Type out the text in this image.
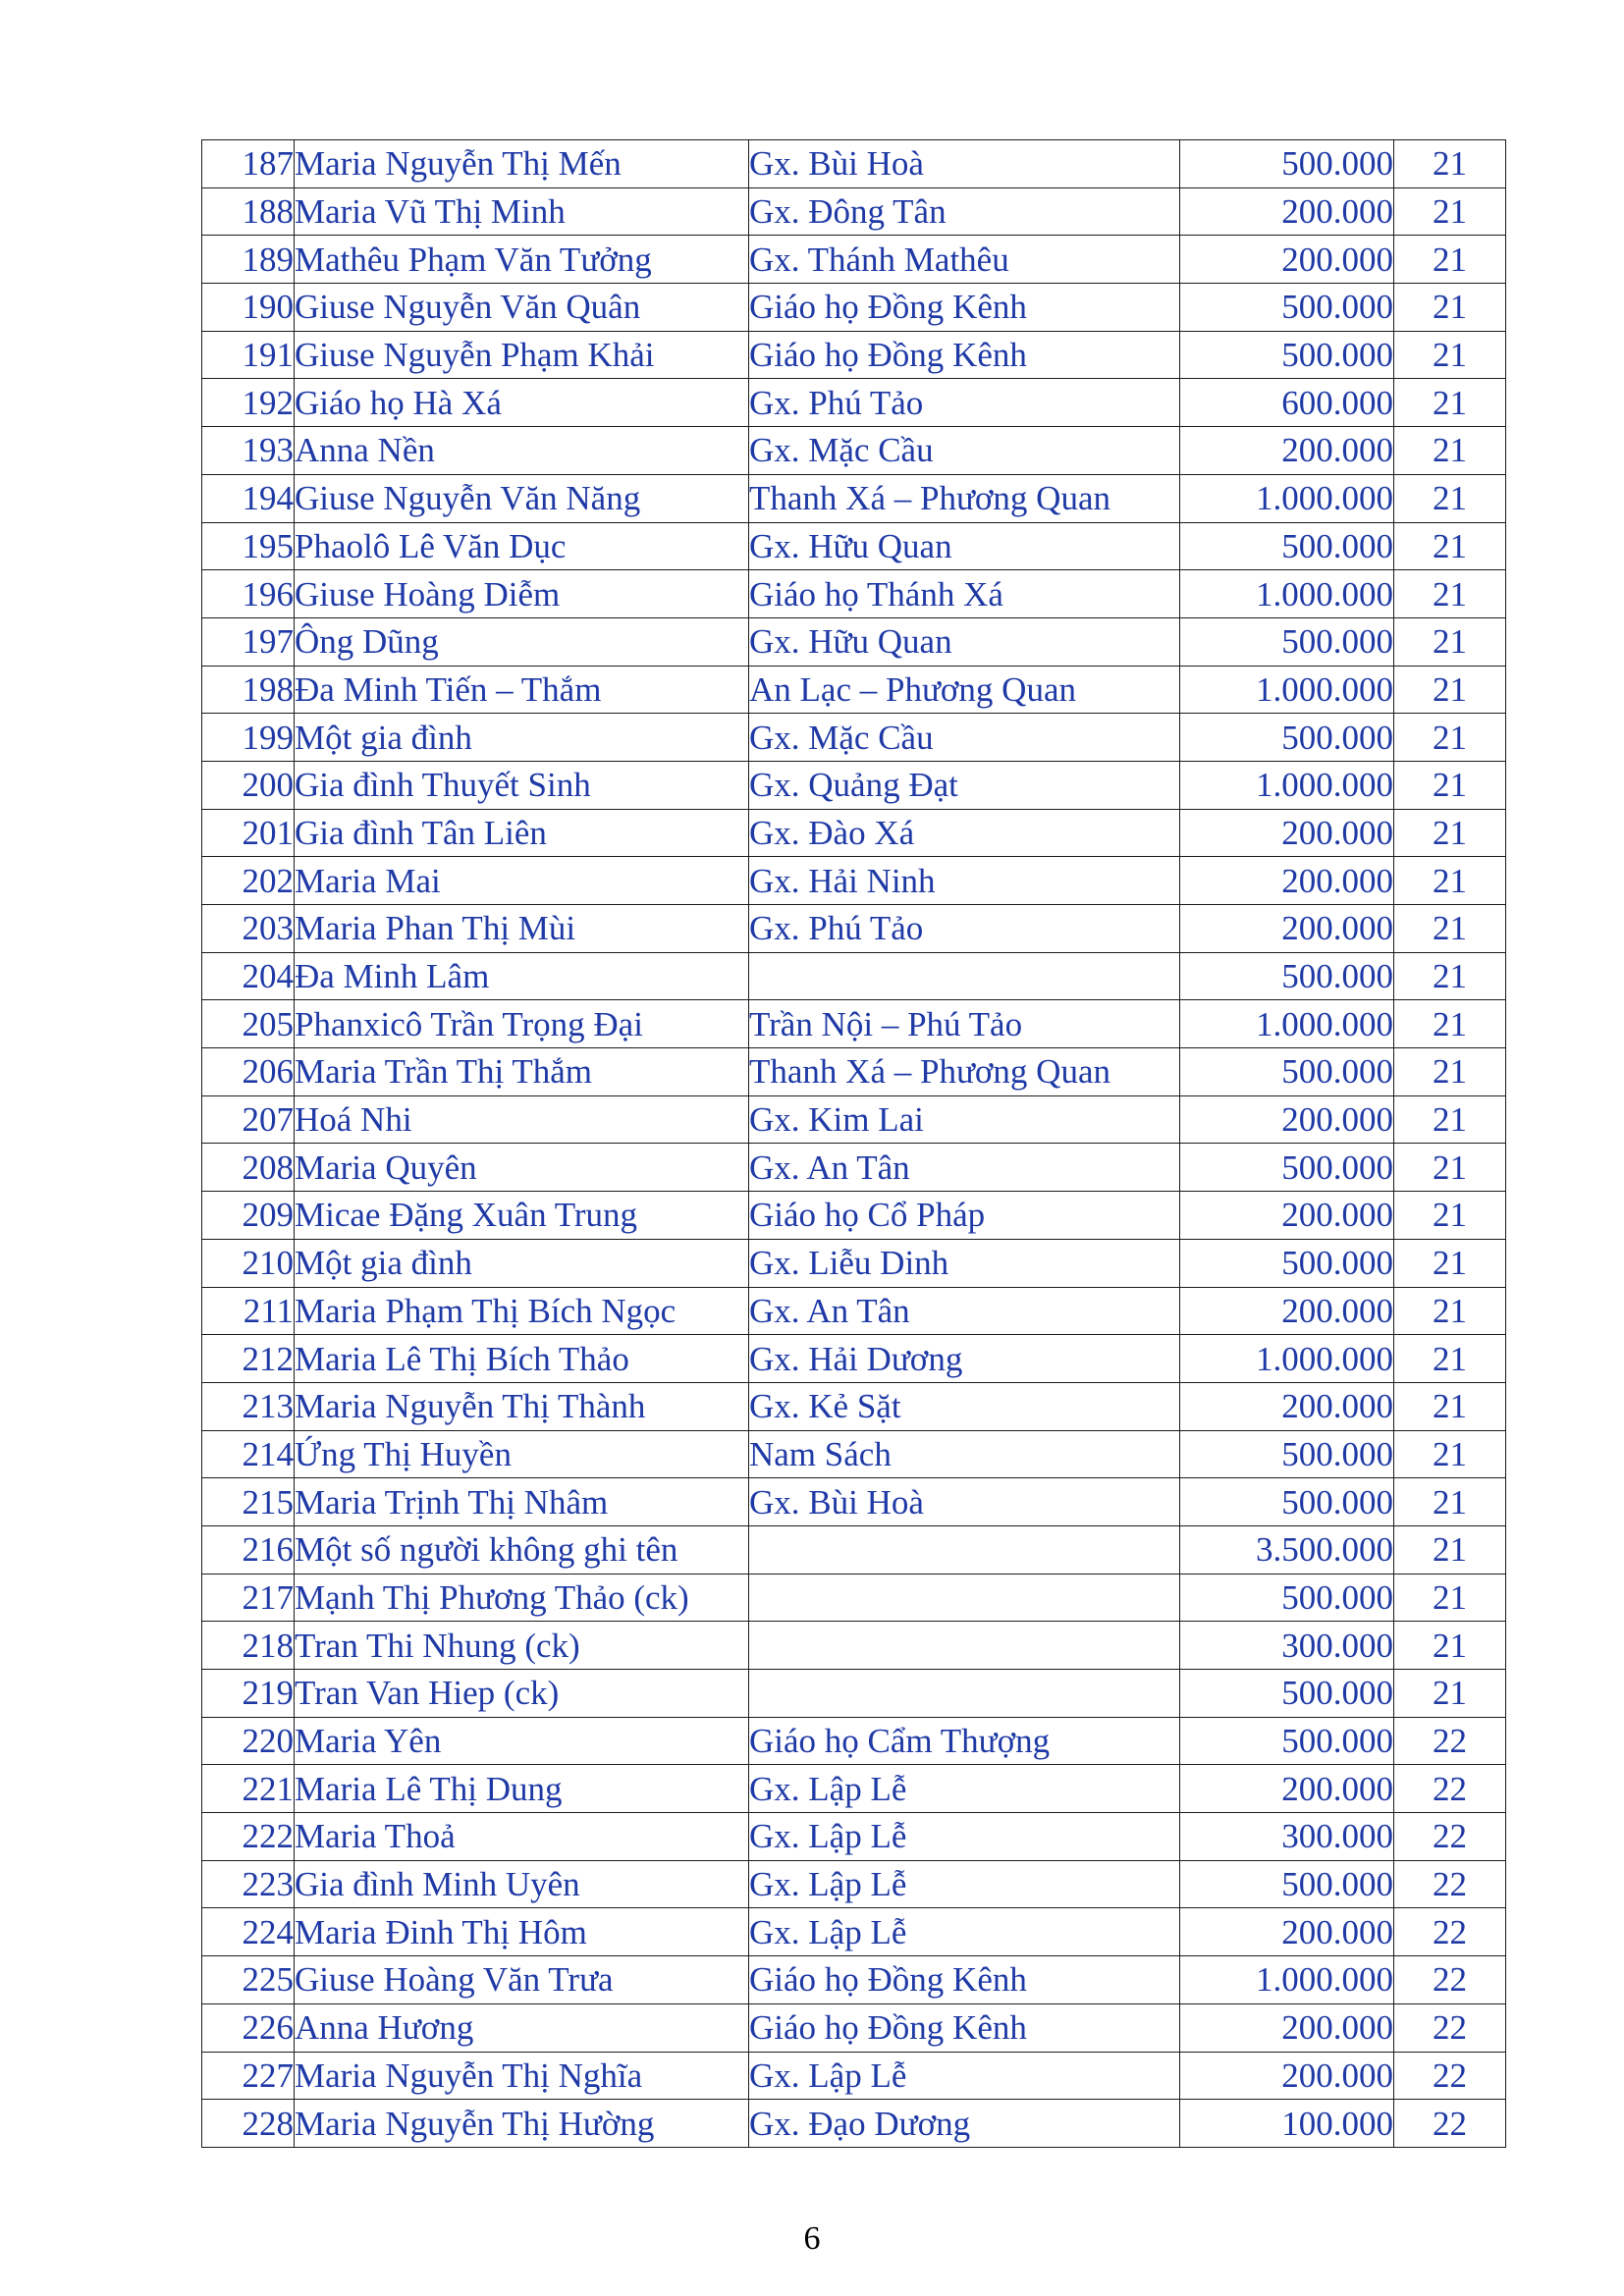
187	Maria Nguyễn Thị Mến	Gx. Bùi Hoà	500.000	21
188	Maria Vũ Thị Minh	Gx. Đông Tân	200.000	21
189	Mathêu Phạm Văn Tưởng	Gx. Thánh Mathêu	200.000	21
190	Giuse Nguyễn Văn Quân	Giáo họ Đồng Kênh	500.000	21
191	Giuse Nguyễn Phạm Khải	Giáo họ Đồng Kênh	500.000	21
192	Giáo họ Hà Xá	Gx. Phú Tảo	600.000	21
193	Anna Nền	Gx. Mặc Cầu	200.000	21
194	Giuse Nguyễn Văn Năng	Thanh Xá – Phương Quan	1.000.000	21
195	Phaolô Lê Văn Dục	Gx. Hữu Quan	500.000	21
196	Giuse Hoàng Diễm	Giáo họ Thánh Xá	1.000.000	21
197	Ông Dũng	Gx. Hữu Quan	500.000	21
198	Đa Minh Tiến – Thắm	An Lạc – Phương Quan	1.000.000	21
199	Một gia đình	Gx. Mặc Cầu	500.000	21
200	Gia đình Thuyết Sinh	Gx. Quảng Đạt	1.000.000	21
201	Gia đình Tân Liên	Gx. Đào Xá	200.000	21
202	Maria Mai	Gx. Hải Ninh	200.000	21
203	Maria Phan Thị Mùi	Gx. Phú Tảo	200.000	21
204	Đa Minh Lâm		500.000	21
205	Phanxicô Trần Trọng Đại	Trần Nội – Phú Tảo	1.000.000	21
206	Maria Trần Thị Thắm	Thanh Xá – Phương Quan	500.000	21
207	Hoá Nhi	Gx. Kim Lai	200.000	21
208	Maria Quyên	Gx. An Tân	500.000	21
209	Micae Đặng Xuân Trung	Giáo họ Cổ Pháp	200.000	21
210	Một gia đình	Gx. Liễu Dinh	500.000	21
211	Maria Phạm Thị Bích Ngọc	Gx. An Tân	200.000	21
212	Maria Lê Thị Bích Thảo	Gx. Hải Dương	1.000.000	21
213	Maria Nguyễn Thị Thành	Gx. Kẻ Sặt	200.000	21
214	Ứng Thị Huyền	Nam Sách	500.000	21
215	Maria Trịnh Thị Nhâm	Gx. Bùi Hoà	500.000	21
216	Một số người không ghi tên		3.500.000	21
217	Mạnh Thị Phương Thảo (ck)		500.000	21
218	Tran Thi Nhung (ck)		300.000	21
219	Tran Van Hiep (ck)		500.000	21
220	Maria Yên	Giáo họ Cẩm Thượng	500.000	22
221	Maria Lê Thị Dung	Gx. Lập Lễ	200.000	22
222	Maria Thoả	Gx. Lập Lễ	300.000	22
223	Gia đình Minh Uyên	Gx. Lập Lễ	500.000	22
224	Maria Đinh Thị Hôm	Gx. Lập Lễ	200.000	22
225	Giuse Hoàng Văn Trưa	Giáo họ Đồng Kênh	1.000.000	22
226	Anna Hương	Giáo họ Đồng Kênh	200.000	22
227	Maria Nguyễn Thị Nghĩa	Gx. Lập Lễ	200.000	22
228	Maria Nguyễn Thị Hường	Gx. Đạo Dương	100.000	22
6
